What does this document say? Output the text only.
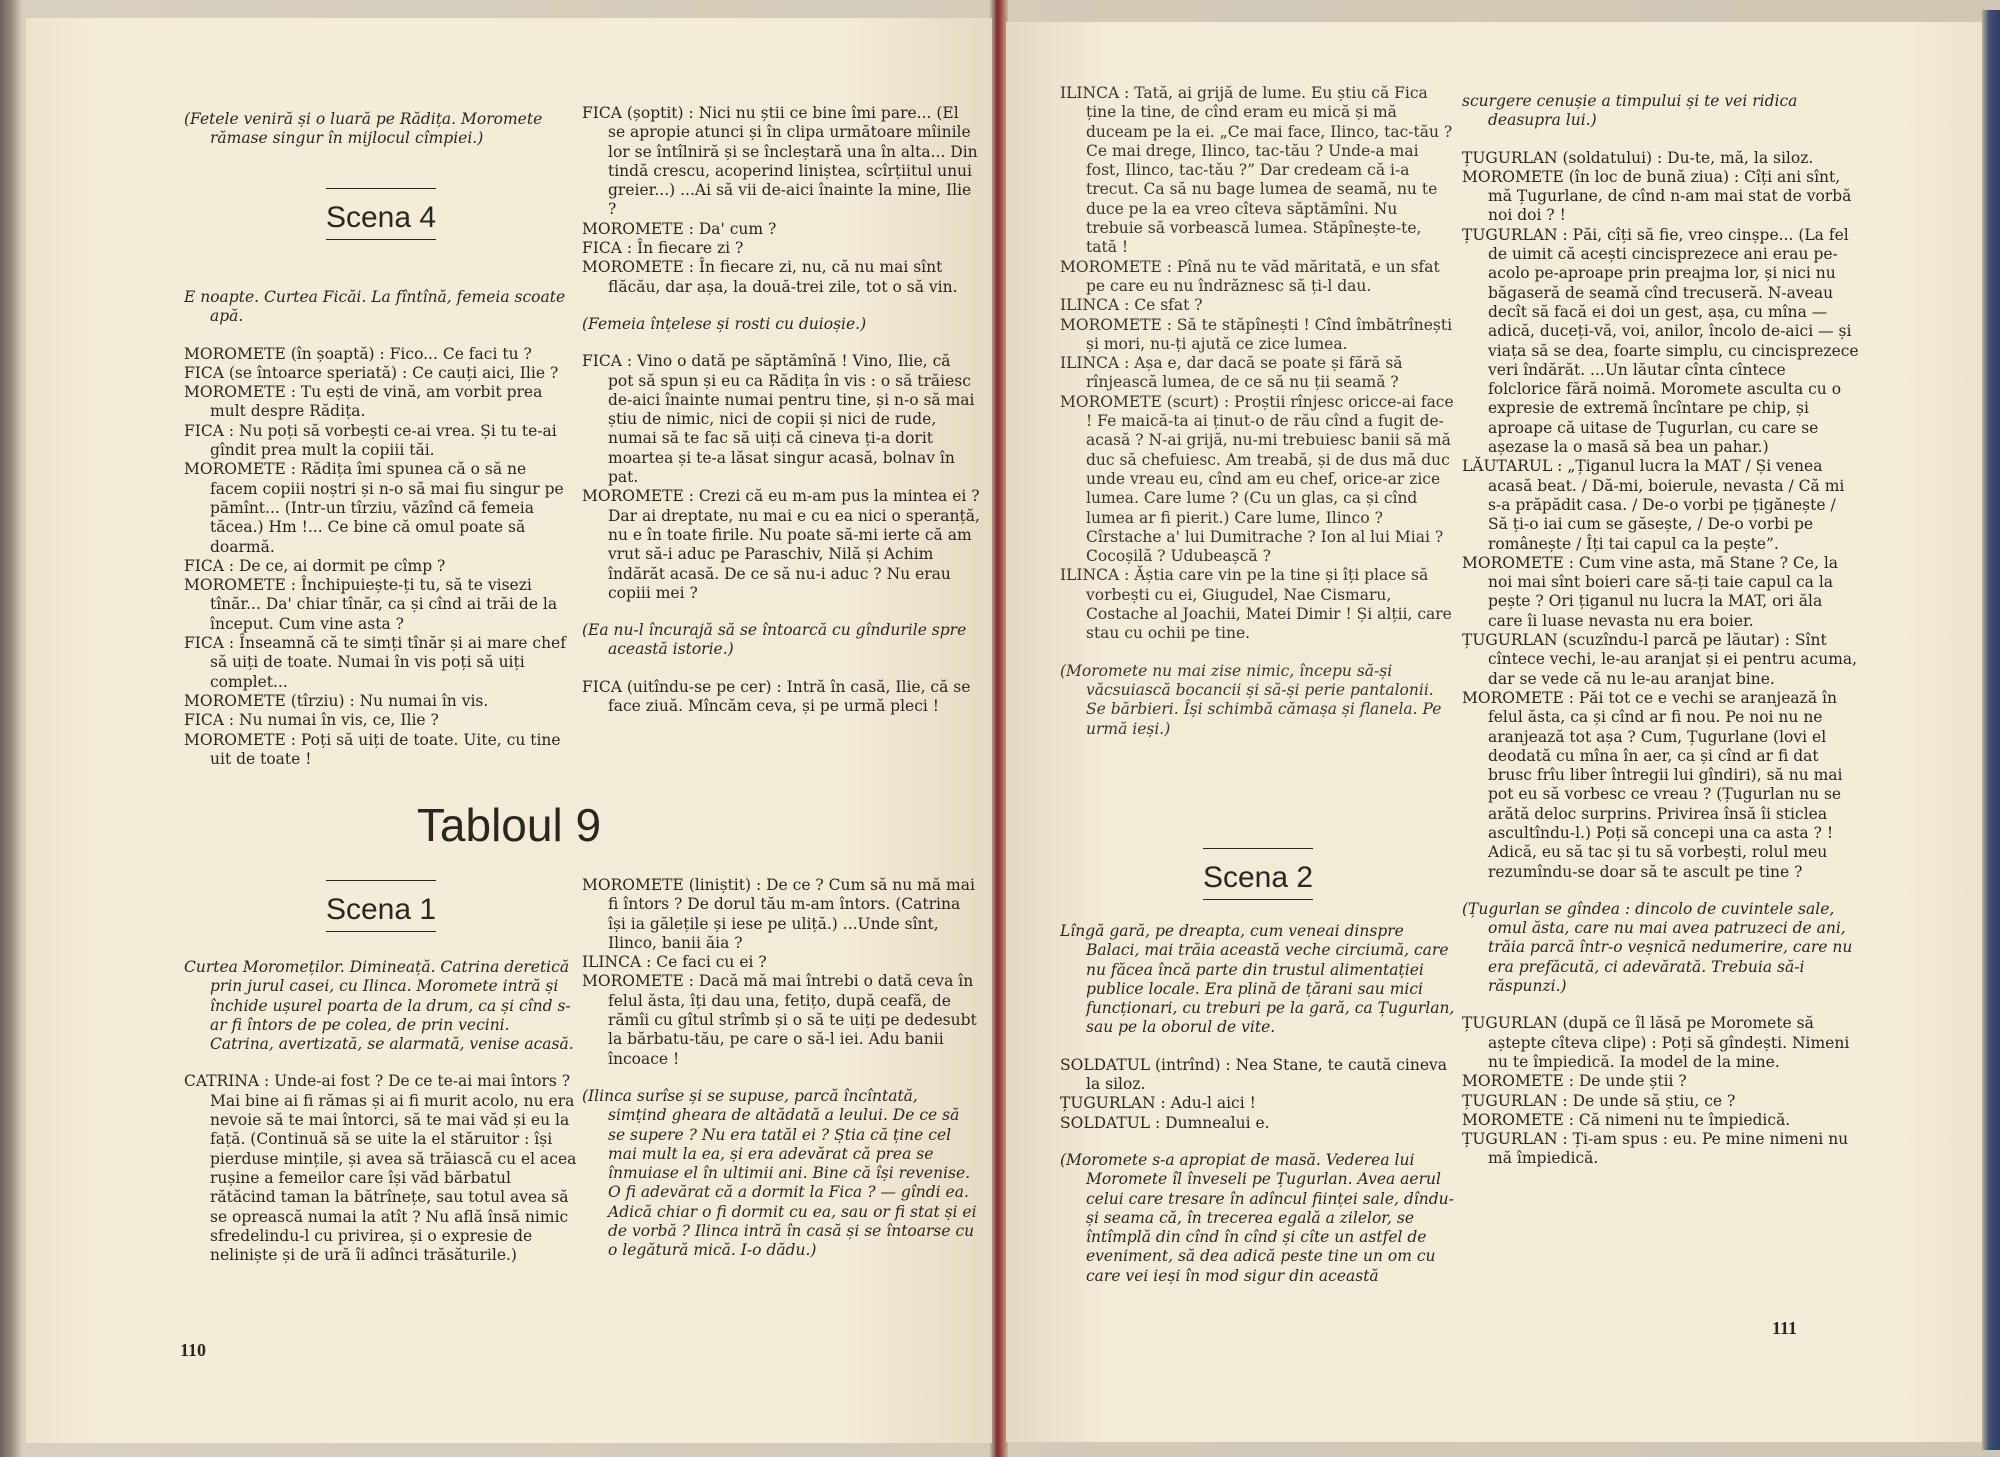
(Fetele veniră și o luară pe Rădița. Moromete rămase singur în mijlocul cîmpiei.)

Scena 4

E noapte. Curtea Ficăi. La fîntînă, femeia scoate apă.

MOROMETE (în șoaptă) : Fico... Ce faci tu ?

FICA (se întoarce speriată) : Ce cauți aici, Ilie ?

MOROMETE : Tu ești de vină, am vorbit prea mult despre Rădița.

FICA : Nu poți să vorbești ce-ai vrea. Și tu te-ai gîndit prea mult la copiii tăi.

MOROMETE : Rădița îmi spunea că o să ne facem copiii noștri și n-o să mai fiu singur pe pămînt... (Intr-un tîrziu, văzînd că femeia tăcea.) Hm !... Ce bine că omul poate să doarmă.

FICA : De ce, ai dormit pe cîmp ?

MOROMETE : Închipuiește-ți tu, să te visezi tînăr... Da' chiar tînăr, ca și cînd ai trăi de la început. Cum vine asta ?

FICA : Înseamnă că te simți tînăr și ai mare chef să uiți de toate. Numai în vis poți să uiți complet...

MOROMETE (tîrziu) : Nu numai în vis.

FICA : Nu numai în vis, ce, Ilie ?

MOROMETE : Poți să uiți de toate. Uite, cu tine uit de toate !

FICA (șoptit) : Nici nu știi ce bine îmi pare... (El se apropie atunci și în clipa următoare mîinile lor se întîlniră și se încleștară una în alta... Din tindă crescu, acoperind liniștea, scîrțiitul unui greier...) ...Ai să vii de-aici înainte la mine, Ilie ?

MOROMETE : Da' cum ?

FICA : În fiecare zi ?

MOROMETE : În fiecare zi, nu, că nu mai sînt flăcău, dar așa, la două-trei zile, tot o să vin.

(Femeia înțelese și rosti cu duioșie.)

FICA : Vino o dată pe săptămînă ! Vino, Ilie, că pot să spun și eu ca Rădița în vis : o să trăiesc de-aici înainte numai pentru tine, și n-o să mai știu de nimic, nici de copii și nici de rude, numai să te fac să uiți că cineva ți-a dorit moartea și te-a lăsat singur acasă, bolnav în pat.

MOROMETE : Crezi că eu m-am pus la mintea ei ? Dar ai dreptate, nu mai e cu ea nici o speranță, nu e în toate firile. Nu poate să-mi ierte că am vrut să-i aduc pe Paraschiv, Nilă și Achim îndărăt acasă. De ce să nu-i aduc ? Nu erau copiii mei ?

(Ea nu-l încurajă să se întoarcă cu gîndurile spre această istorie.)

FICA (uitîndu-se pe cer) : Intră în casă, Ilie, că se face ziuă. Mîncăm ceva, și pe urmă pleci !

Tabloul 9
Scena 1

Curtea Moromeților. Dimineață. Catrina deretică prin jurul casei, cu Ilinca. Moromete intră și închide ușurel poarta de la drum, ca și cînd s-ar fi întors de pe colea, de prin vecini. Catrina, avertizată, se alarmată, venise acasă.

CATRINA : Unde-ai fost ? De ce te-ai mai întors ? Mai bine ai fi rămas și ai fi murit acolo, nu era nevoie să te mai întorci, să te mai văd și eu la față. (Continuă să se uite la el stăruitor : își pierduse mințile, și avea să trăiască cu el acea rușine a femeilor care își văd bărbatul rătăcind taman la bătrînețe, sau totul avea să se oprească numai la atît ? Nu află însă nimic sfredelindu-l cu privirea, și o expresie de neliniște și de ură îi adînci trăsăturile.)

MOROMETE (liniștit) : De ce ? Cum să nu mă mai fi întors ? De dorul tău m-am întors. (Catrina își ia gălețile și iese pe uliță.) ...Unde sînt, Ilinco, banii ăia ?

ILINCA : Ce faci cu ei ?

MOROMETE : Dacă mă mai întrebi o dată ceva în felul ăsta, îți dau una, fetițo, după ceafă, de rămîi cu gîtul strîmb și o să te uiți pe dedesubt la bărbatu-tău, pe care o să-l iei. Adu banii încoace !

(Ilinca surîse și se supuse, parcă încîntată, simțind gheara de altădată a leului. De ce să se supere ? Nu era tatăl ei ? Știa că ține cel mai mult la ea, și era adevărat că prea se înmuiase el în ultimii ani. Bine că își revenise. O fi adevărat că a dormit la Fica ? — gîndi ea. Adică chiar o fi dormit cu ea, sau or fi stat și ei de vorbă ? Ilinca intră în casă și se întoarse cu o legătură mică. I-o dădu.)

110

ILINCA : Tată, ai grijă de lume. Eu știu că Fica ține la tine, de cînd eram eu mică și mă duceam pe la ei. „Ce mai face, Ilinco, tac-tău ? Ce mai drege, Ilinco, tac-tău ? Unde-a mai fost, Ilinco, tac-tău ?” Dar credeam că i-a trecut. Ca să nu bage lumea de seamă, nu te duce pe la ea vreo cîteva săptămîni. Nu trebuie să vorbească lumea. Stăpînește-te, tată !

MOROMETE : Pînă nu te văd măritată, e un sfat pe care eu nu îndrăznesc să ți-l dau.

ILINCA : Ce sfat ?

MOROMETE : Să te stăpînești ! Cînd îmbătrînești și mori, nu-ți ajută ce zice lumea.

ILINCA : Așa e, dar dacă se poate și fără să rînjească lumea, de ce să nu ții seamă ?

MOROMETE (scurt) : Proștii rînjesc oricce-ai face ! Fe maică-ta ai ținut-o de rău cînd a fugit de-acasă ? N-ai grijă, nu-mi trebuiesc banii să mă duc să chefuiesc. Am treabă, și de dus mă duc unde vreau eu, cînd am eu chef, orice-ar zice lumea. Care lume ? (Cu un glas, ca și cînd lumea ar fi pierit.) Care lume, Ilinco ? Cîrstache a' lui Dumitrache ? Ion al lui Miai ? Cocoșilă ? Udubeașcă ?

ILINCA : Ăștia care vin pe la tine și îți place să vorbești cu ei, Giugudel, Nae Cismaru, Costache al Joachii, Matei Dimir ! Și alții, care stau cu ochii pe tine.

(Moromete nu mai zise nimic, începu să-și văcsuiască bocancii și să-și perie pantalonii. Se bărbieri. Își schimbă cămașa și flanela. Pe urmă ieși.)

Scena 2

Lîngă gară, pe dreapta, cum veneai dinspre Balaci, mai trăia această veche circiumă, care nu făcea încă parte din trustul alimentației publice locale. Era plină de țărani sau mici funcționari, cu treburi pe la gară, ca Țugurlan, sau pe la oborul de vite.

SOLDATUL (intrînd) : Nea Stane, te caută cineva la siloz.

ȚUGURLAN : Adu-l aici !

SOLDATUL : Dumnealui e.

(Moromete s-a apropiat de masă. Vederea lui Moromete îl înveseli pe Țugurlan. Avea aerul celui care tresare în adîncul ființei sale, dîndu-și seama că, în trecerea egală a zilelor, se întîmplă din cînd în cînd și cîte un astfel de eveniment, să dea adică peste tine un om cu care vei ieși în mod sigur din această

scurgere cenușie a timpului și te vei ridica deasupra lui.)

ȚUGURLAN (soldatului) : Du-te, mă, la siloz.

MOROMETE (în loc de bună ziua) : Cîți ani sînt, mă Țugurlane, de cînd n-am mai stat de vorbă noi doi ? !

ȚUGURLAN : Păi, cîți să fie, vreo cinșpe... (La fel de uimit că acești cincisprezece ani erau pe-acolo pe-aproape prin preajma lor, și nici nu băgaseră de seamă cînd trecuseră. N-aveau decît să facă ei doi un gest, așa, cu mîna — adică, duceți-vă, voi, anilor, încolo de-aici — și viața să se dea, foarte simplu, cu cincisprezece veri îndărăt. ...Un lăutar cînta cîntece folclorice fără noimă. Moromete asculta cu o expresie de extremă încîntare pe chip, și aproape că uitase de Țugurlan, cu care se așezase la o masă să bea un pahar.)

LĂUTARUL : „Țiganul lucra la MAT / Și venea acasă beat. / Dă-mi, boierule, nevasta / Că mi s-a prăpădit casa. / De-o vorbi pe țigănește / Să ți-o iai cum se găsește, / De-o vorbi pe românește / Îți tai capul ca la pește”.

MOROMETE : Cum vine asta, mă Stane ? Ce, la noi mai sînt boieri care să-ți taie capul ca la pește ? Ori țiganul nu lucra la MAT, ori ăla care îi luase nevasta nu era boier.

ȚUGURLAN (scuzîndu-l parcă pe lăutar) : Sînt cîntece vechi, le-au aranjat și ei pentru acuma, dar se vede că nu le-au aranjat bine.

MOROMETE : Păi tot ce e vechi se aranjează în felul ăsta, ca și cînd ar fi nou. Pe noi nu ne aranjează tot așa ? Cum, Țugurlane (lovi el deodată cu mîna în aer, ca și cînd ar fi dat brusc frîu liber întregii lui gîndiri), să nu mai pot eu să vorbesc ce vreau ? (Țugurlan nu se arătă deloc surprins. Privirea însă îi sticlea ascultîndu-l.) Poți să concepi una ca asta ? ! Adică, eu să tac și tu să vorbești, rolul meu rezumîndu-se doar să te ascult pe tine ?

(Țugurlan se gîndea : dincolo de cuvintele sale, omul ăsta, care nu mai avea patruzeci de ani, trăia parcă într-o veșnică nedumerire, care nu era prefăcută, ci adevărată. Trebuia să-i răspunzi.)

ȚUGURLAN (după ce îl lăsă pe Moromete să aștepte cîteva clipe) : Poți să gîndești. Nimeni nu te împiedică. Ia model de la mine.

MOROMETE : De unde știi ?

ȚUGURLAN : De unde să știu, ce ?

MOROMETE : Că nimeni nu te împiedică.

ȚUGURLAN : Ți-am spus : eu. Pe mine nimeni nu mă împiedică.

111
